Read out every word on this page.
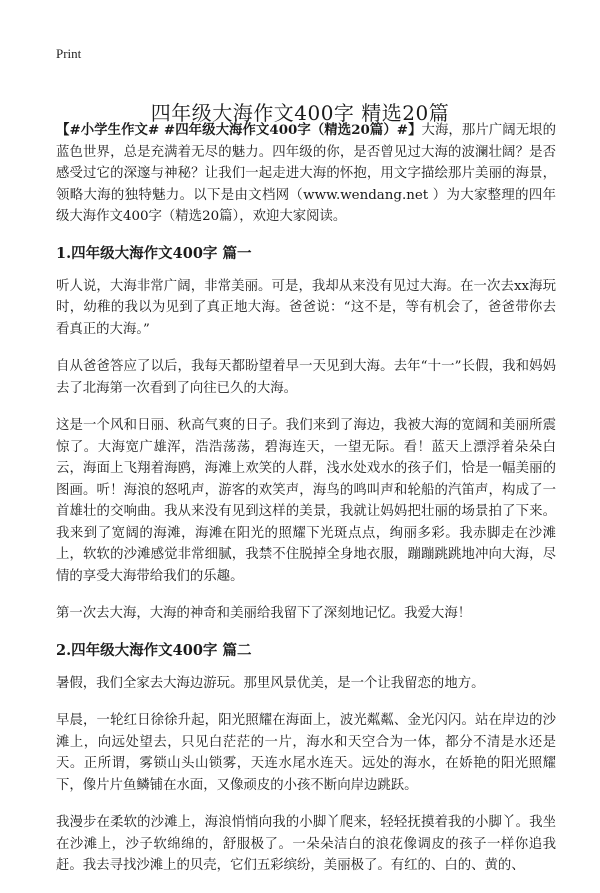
Print
四年级大海作文400字 精选20篇

【#小学生作文# #四年级大海作文400字（精选20篇）#】大海，那片广阔无垠的蓝色世界，总是充满着无尽的魅力。四年级的你，是否曾见过大海的波澜壮阔？是否感受过它的深邃与神秘？让我们一起走进大海的怀抱，用文字描绘那片美丽的海景，领略大海的独特魅力。以下是由文档网（www.wendang.net ）为大家整理的四年级大海作文400字（精选20篇），欢迎大家阅读。

1.四年级大海作文400字 篇一

听人说，大海非常广阔，非常美丽。可是，我却从来没有见过大海。在一次去xx海玩时，幼稚的我以为见到了真正地大海。爸爸说：“这不是，等有机会了，爸爸带你去看真正的大海。”

自从爸爸答应了以后，我每天都盼望着早一天见到大海。去年“十一”长假，我和妈妈去了北海第一次看到了向往已久的大海。

这是一个风和日丽、秋高气爽的日子。我们来到了海边，我被大海的宽阔和美丽所震惊了。大海宽广雄浑，浩浩荡荡，碧海连天，一望无际。看！蓝天上漂浮着朵朵白云，海面上飞翔着海鸥，海滩上欢笑的人群，浅水处戏水的孩子们，恰是一幅美丽的图画。听！海浪的怒吼声，游客的欢笑声，海鸟的鸣叫声和轮船的汽笛声，构成了一首雄壮的交响曲。我从来没有见到这样的美景，我就让妈妈把壮丽的场景拍了下来。我来到了宽阔的海滩，海滩在阳光的照耀下光斑点点，绚丽多彩。我赤脚走在沙滩上，软软的沙滩感觉非常细腻，我禁不住脱掉全身地衣服，蹦蹦跳跳地冲向大海，尽情的享受大海带给我们的乐趣。

第一次去大海，大海的神奇和美丽给我留下了深刻地记忆。我爱大海！

2.四年级大海作文400字 篇二

暑假，我们全家去大海边游玩。那里风景优美，是一个让我留恋的地方。

早晨，一轮红日徐徐升起，阳光照耀在海面上，波光粼粼、金光闪闪。站在岸边的沙滩上，向远处望去，只见白茫茫的一片，海水和天空合为一体，都分不清是水还是天。正所谓，雾锁山头山锁雾，天连水尾水连天。远处的海水，在娇艳的阳光照耀下，像片片鱼鳞铺在水面，又像顽皮的小孩不断向岸边跳跃。

我漫步在柔软的沙滩上，海浪悄悄向我的小脚丫爬来，轻轻抚摸着我的小脚丫。我坐在沙滩上，沙子软绵绵的，舒服极了。一朵朵洁白的浪花像调皮的孩子一样你追我赶。我去寻找沙滩上的贝壳，它们五彩缤纷，美丽极了。有红的、白的、黄的、
